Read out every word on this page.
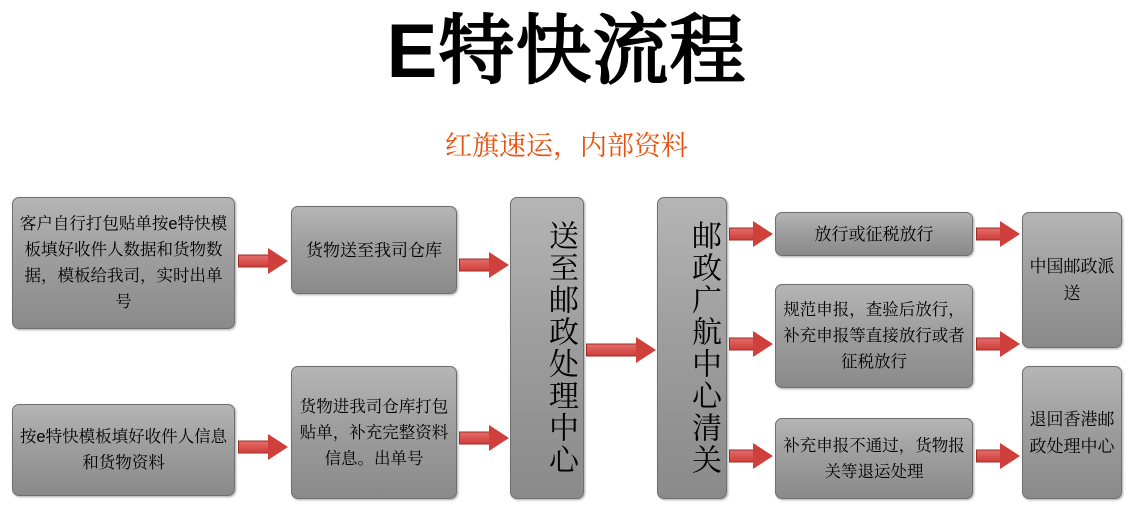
E特快流程
红旗速运，内部资料
客户自行打包贴单按e特快模板填好收件人数据和货物数据，模板给我司，实时出单号
货物送至我司仓库
按e特快模板填好收件人信息和货物资料
货物进我司仓库打包贴单，补充完整资料信息。出单号	送至邮政处理中心	邮政广航中心清关	放行或征税放行
规范申报，查验后放行，补充申报等直接放行或者征税放行
补充申报不通过，货物报关等退运处理
中国邮政派送
退回香港邮政处理中心
